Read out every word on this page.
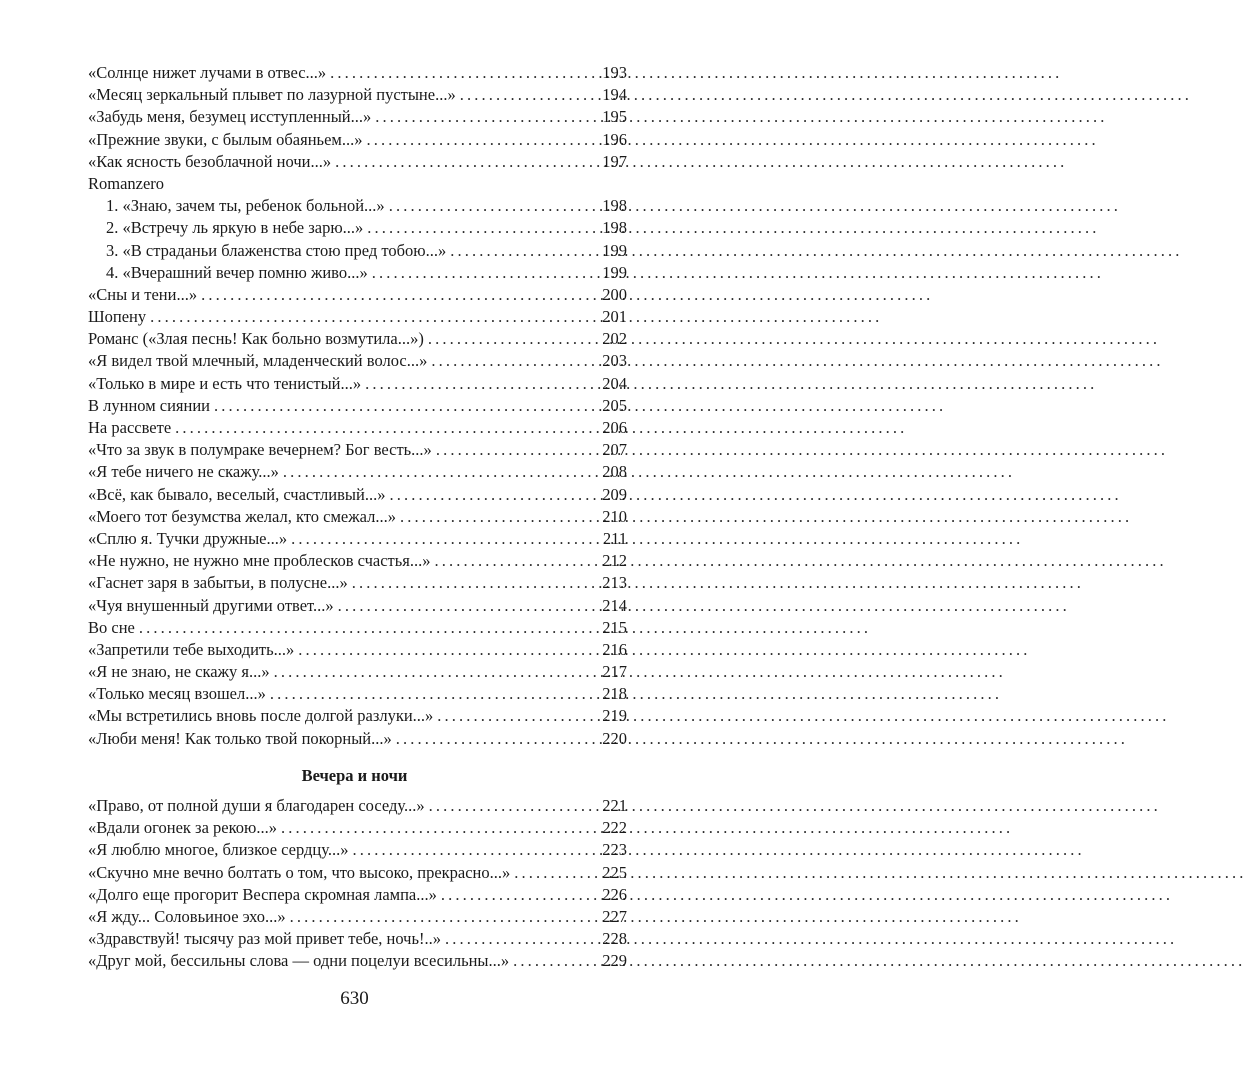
«Солнце нижет лучами в отвес...» . . .	193
«Месяц зеркальный плывет по лазурной пустыне...» . . .	194
«Забудь меня, безумец исступленный...» . . .	195
«Прежние звуки, с былым обаяньем...» . . .	196
«Как ясность безоблачной ночи...» . . .	197
Romanzero
1. «Знаю, зачем ты, ребенок больной...» . . .	198
2. «Встречу ль яркую в небе зарю...» . . .	198
3. «В страданьи блаженства стою пред тобою...» . . .	199
4. «Вчерашний вечер помню живо...» . . .	199
«Сны и тени...» . . .	200
Шопену . . .	201
Романс («Злая песнь! Как больно возмутила...») . . .	202
«Я видел твой млечный, младенческий волос...» . . .	203
«Только в мире и есть что тенистый...» . . .	204
В лунном сиянии . . .	205
На рассвете . . .	206
«Что за звук в полумраке вечернем? Бог весть...» . . .	207
«Я тебе ничего не скажу...» . . .	208
«Всё, как бывало, веселый, счастливый...» . . .	209
«Моего тот безумства желал, кто смежал...» . . .	210
«Сплю я. Тучки дружные...» . . .	211
«Не нужно, не нужно мне проблесков счастья...» . . .	212
«Гаснет заря в забытьи, в полусне...» . . .	213
«Чуя внушенный другими ответ...» . . .	214
Во сне . . .	215
«Запретили тебе выходить...» . . .	216
«Я не знаю, не скажу я...» . . .	217
«Только месяц взошел...» . . .	218
«Мы встретились вновь после долгой разлуки...» . . .	219
«Люби меня! Как только твой покорный...» . . .	220
Вечера и ночи
«Право, от полной души я благодарен соседу...» . . .	221
«Вдали огонек за рекою...» . . .	222
«Я люблю многое, близкое сердцу...» . . .	223
«Скучно мне вечно болтать о том, что высоко, прекрасно...» . . .	225
«Долго еще прогорит Веспера скромная лампа...» . . .	226
«Я жду... Соловьиное эхо...» . . .	227
«Здравствуй! тысячу раз мой привет тебе, ночь!..» . . .	228
«Друг мой, бессильны слова — одни поцелуи всесильны...» . . .	229
630
